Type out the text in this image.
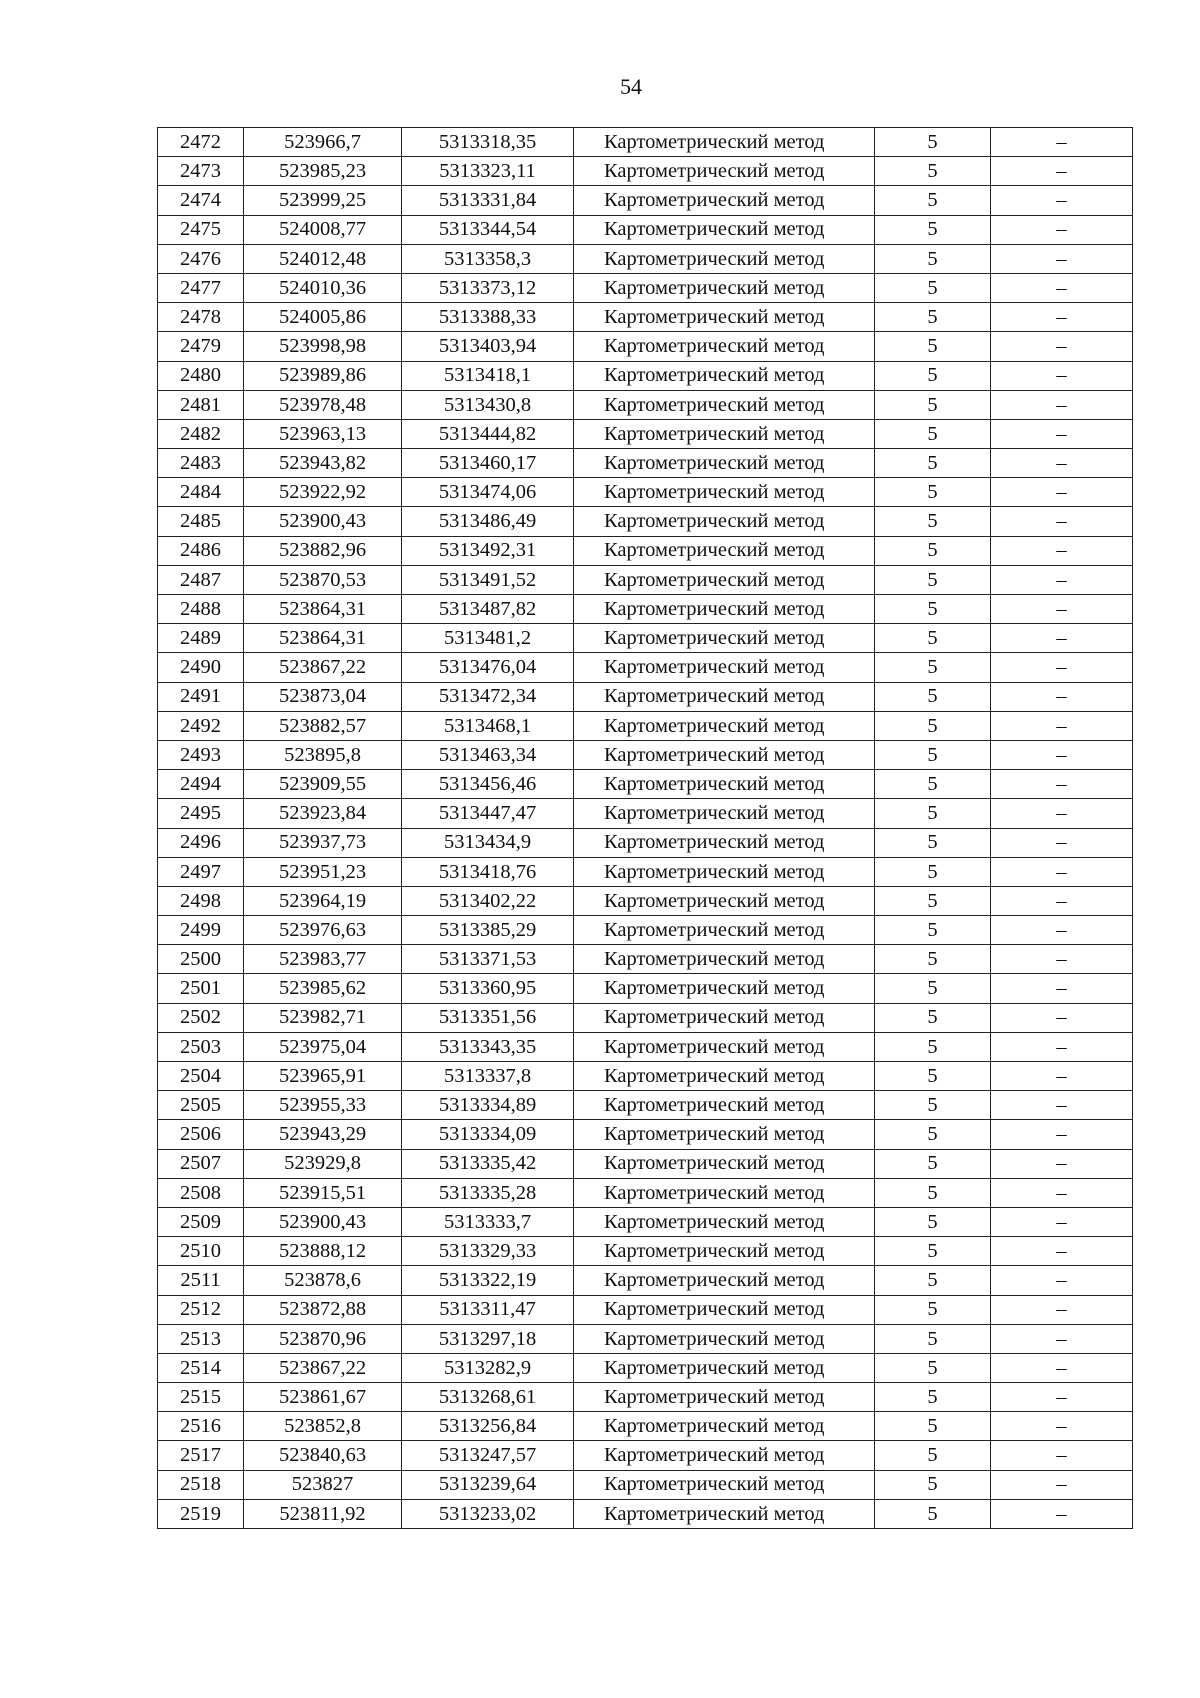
54
2472	523966,7	5313318,35	Картометрический метод	5	–
2473	523985,23	5313323,11	Картометрический метод	5	–
2474	523999,25	5313331,84	Картометрический метод	5	–
2475	524008,77	5313344,54	Картометрический метод	5	–
2476	524012,48	5313358,3	Картометрический метод	5	–
2477	524010,36	5313373,12	Картометрический метод	5	–
2478	524005,86	5313388,33	Картометрический метод	5	–
2479	523998,98	5313403,94	Картометрический метод	5	–
2480	523989,86	5313418,1	Картометрический метод	5	–
2481	523978,48	5313430,8	Картометрический метод	5	–
2482	523963,13	5313444,82	Картометрический метод	5	–
2483	523943,82	5313460,17	Картометрический метод	5	–
2484	523922,92	5313474,06	Картометрический метод	5	–
2485	523900,43	5313486,49	Картометрический метод	5	–
2486	523882,96	5313492,31	Картометрический метод	5	–
2487	523870,53	5313491,52	Картометрический метод	5	–
2488	523864,31	5313487,82	Картометрический метод	5	–
2489	523864,31	5313481,2	Картометрический метод	5	–
2490	523867,22	5313476,04	Картометрический метод	5	–
2491	523873,04	5313472,34	Картометрический метод	5	–
2492	523882,57	5313468,1	Картометрический метод	5	–
2493	523895,8	5313463,34	Картометрический метод	5	–
2494	523909,55	5313456,46	Картометрический метод	5	–
2495	523923,84	5313447,47	Картометрический метод	5	–
2496	523937,73	5313434,9	Картометрический метод	5	–
2497	523951,23	5313418,76	Картометрический метод	5	–
2498	523964,19	5313402,22	Картометрический метод	5	–
2499	523976,63	5313385,29	Картометрический метод	5	–
2500	523983,77	5313371,53	Картометрический метод	5	–
2501	523985,62	5313360,95	Картометрический метод	5	–
2502	523982,71	5313351,56	Картометрический метод	5	–
2503	523975,04	5313343,35	Картометрический метод	5	–
2504	523965,91	5313337,8	Картометрический метод	5	–
2505	523955,33	5313334,89	Картометрический метод	5	–
2506	523943,29	5313334,09	Картометрический метод	5	–
2507	523929,8	5313335,42	Картометрический метод	5	–
2508	523915,51	5313335,28	Картометрический метод	5	–
2509	523900,43	5313333,7	Картометрический метод	5	–
2510	523888,12	5313329,33	Картометрический метод	5	–
2511	523878,6	5313322,19	Картометрический метод	5	–
2512	523872,88	5313311,47	Картометрический метод	5	–
2513	523870,96	5313297,18	Картометрический метод	5	–
2514	523867,22	5313282,9	Картометрический метод	5	–
2515	523861,67	5313268,61	Картометрический метод	5	–
2516	523852,8	5313256,84	Картометрический метод	5	–
2517	523840,63	5313247,57	Картометрический метод	5	–
2518	523827	5313239,64	Картометрический метод	5	–
2519	523811,92	5313233,02	Картометрический метод	5	–
